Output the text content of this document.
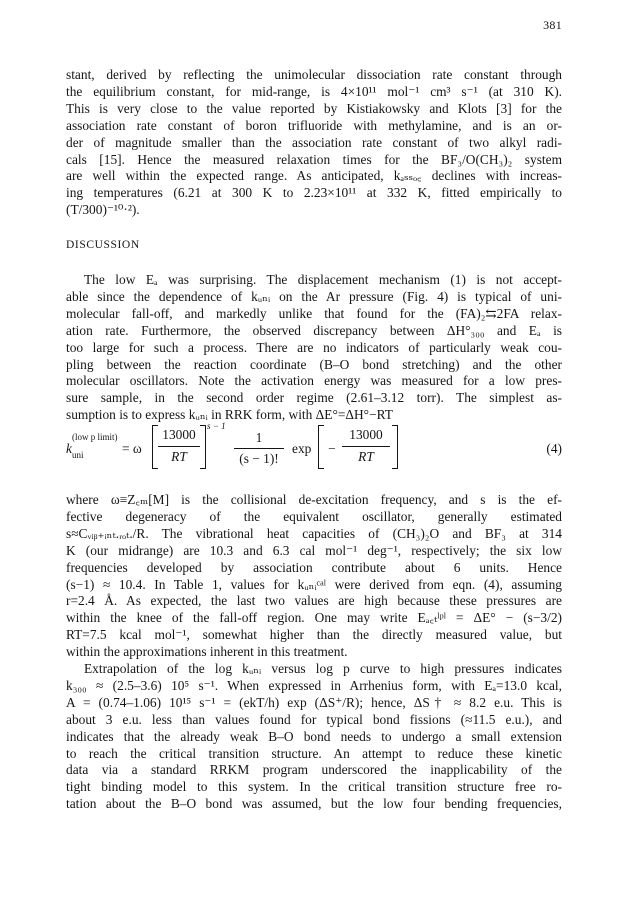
381
stant, derived by reflecting the unimolecular dissociation rate constant through
the equilibrium constant, for mid-range, is 4×10¹¹ mol⁻¹ cm³ s⁻¹ (at 310 K).
This is very close to the value reported by Kistiakowsky and Klots [3] for the
association rate constant of boron trifluoride with methylamine, and is an or-
der of magnitude smaller than the association rate constant of two alkyl radi-
cals [15]. Hence the measured relaxation times for the BF₃/O(CH₃)₂ system
are well within the expected range. As anticipated, kₐₛₛₒ꜀ declines with increas-
ing temperatures (6.21 at 300 K to 2.23×10¹¹ at 332 K, fitted empirically to
(T/300)⁻¹⁰·²).
DISCUSSION
The low Eₐ was surprising. The displacement mechanism (1) is not accept-
able since the dependence of kᵤₙᵢ on the Ar pressure (Fig. 4) is typical of uni-
molecular fall-off, and markedly unlike that found for the (FA)₂⇆2FA relax-
ation rate. Furthermore, the observed discrepancy between ΔH°₃₀₀ and Eₐ is
too large for such a process. There are no indicators of particularly weak cou-
pling between the reaction coordinate (B–O bond stretching) and the other
molecular oscillators. Note the activation energy was measured for a low pres-
sure sample, in the second order regime (2.61–3.12 torr). The simplest as-
sumption is to express kᵤₙᵢ in RRK form, with ΔE°=ΔH°−RT
k
(low p limit)
$_{uni}$	= ω
13000
RT
s − 1
1
(s − 1)!
exp −
13000
RT
(4)
where ω≡Z꜀ₘ[M] is the collisional de-excitation frequency, and s is the ef-
fective degeneracy of the equivalent oscillator, generally estimated
s≈Cᵥᵢᵦ₊ᵢₙₜ.ᵣₒₜ./R. The vibrational heat capacities of (CH₃)₂O and BF₃ at 314
K (our midrange) are 10.3 and 6.3 cal mol⁻¹ deg⁻¹, respectively; the six low
frequencies developed by association contribute about 6 units. Hence
(s−1) ≈ 10.4. In Table 1, values for kᵤₙᵢᶜᵃˡ were derived from eqn. (4), assuming
r=2.4 Å. As expected, the last two values are high because these pressures are
within the knee of the fall-off region. One may write Eₐ꜀ₜˡᵖˡ = ΔE° − (s−3/2)
RT=7.5 kcal mol⁻¹, somewhat higher than the directly measured value, but
within the approximations inherent in this treatment.
Extrapolation of the log kᵤₙᵢ versus log p curve to high pressures indicates
k₃₀₀ ≈ (2.5–3.6) 10⁵ s⁻¹. When expressed in Arrhenius form, with Eₐ=13.0 kcal,
A = (0.74–1.06) 10¹⁵ s⁻¹ = (ekT/h) exp (ΔS⁺/R); hence, ΔS† ≈ 8.2 e.u. This is
about 3 e.u. less than values found for typical bond fissions (≈11.5 e.u.), and
indicates that the already weak B–O bond needs to undergo a small extension
to reach the critical transition structure. An attempt to reduce these kinetic
data via a standard RRKM program underscored the inapplicability of the
tight binding model to this system. In the critical transition structure free ro-
tation about the B–O bond was assumed, but the low four bending frequencies,
